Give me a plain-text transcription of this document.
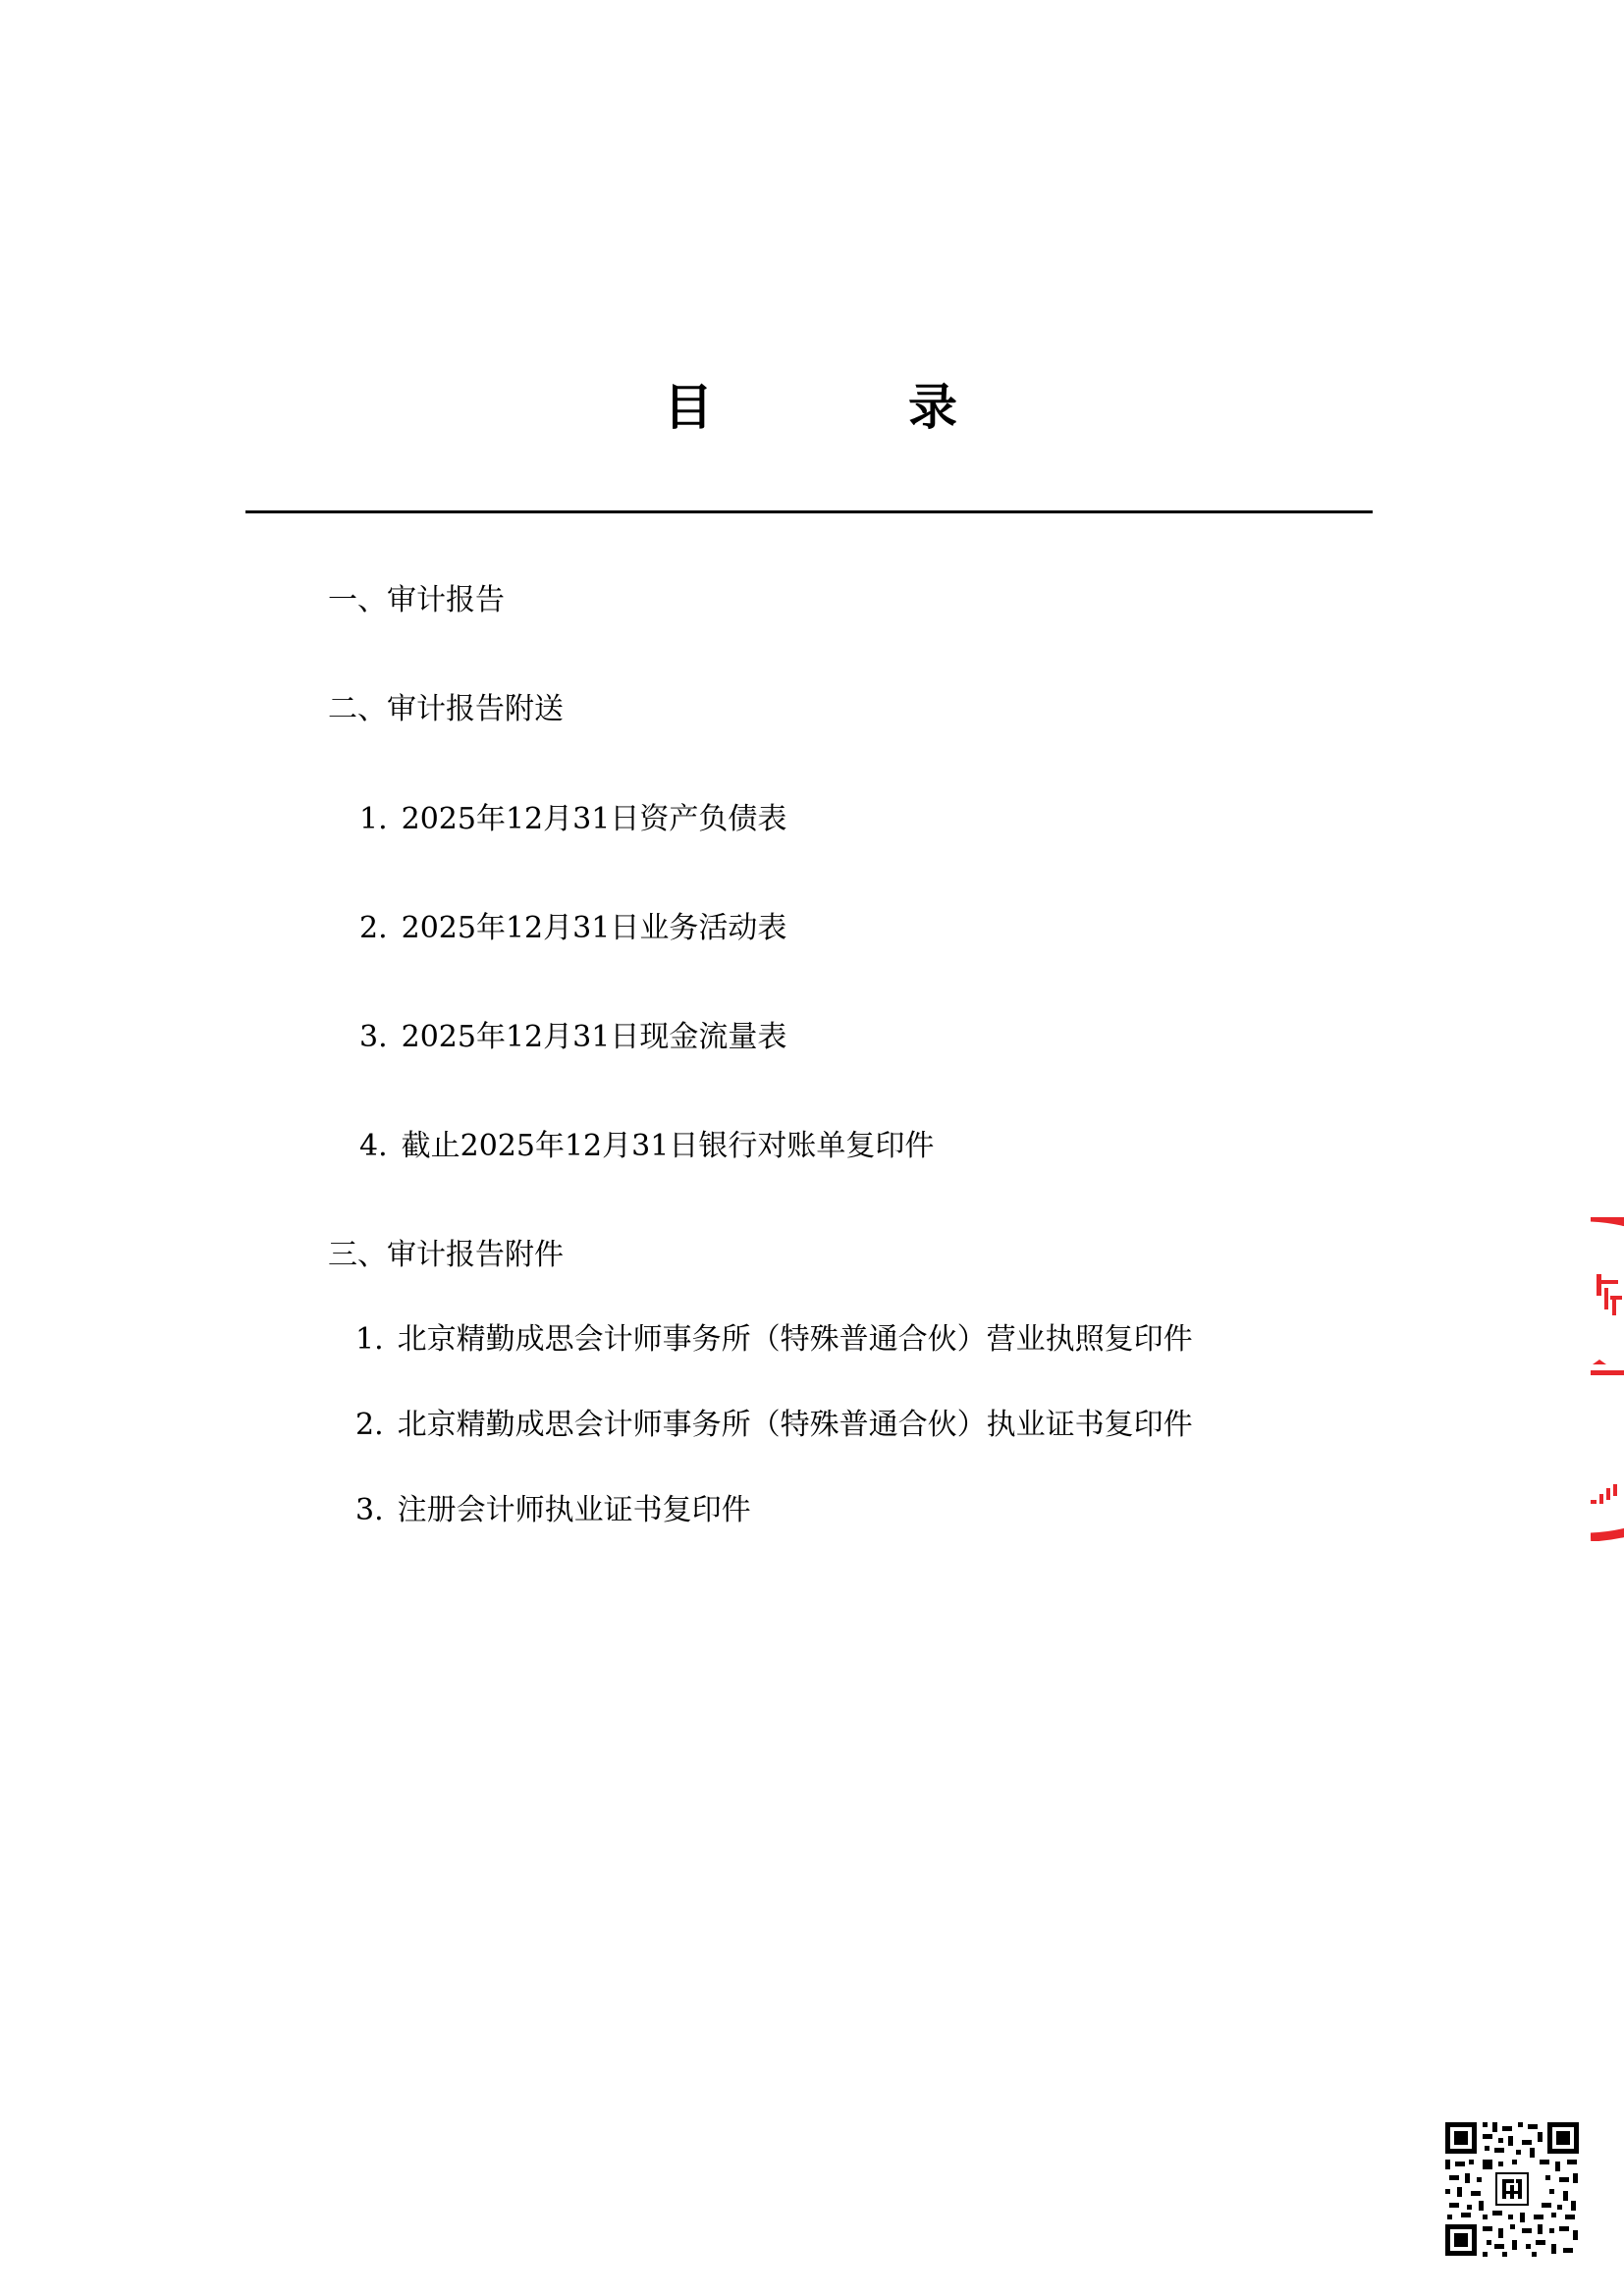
目	录
一、审计报告
二、审计报告附送
1. 2025年12月31日资产负债表
2. 2025年12月31日业务活动表
3. 2025年12月31日现金流量表
4. 截止2025年12月31日银行对账单复印件
三、审计报告附件
1. 北京精勤成思会计师事务所（特殊普通合伙）营业执照复印件
2. 北京精勤成思会计师事务所（特殊普通合伙）执业证书复印件
3. 注册会计师执业证书复印件
